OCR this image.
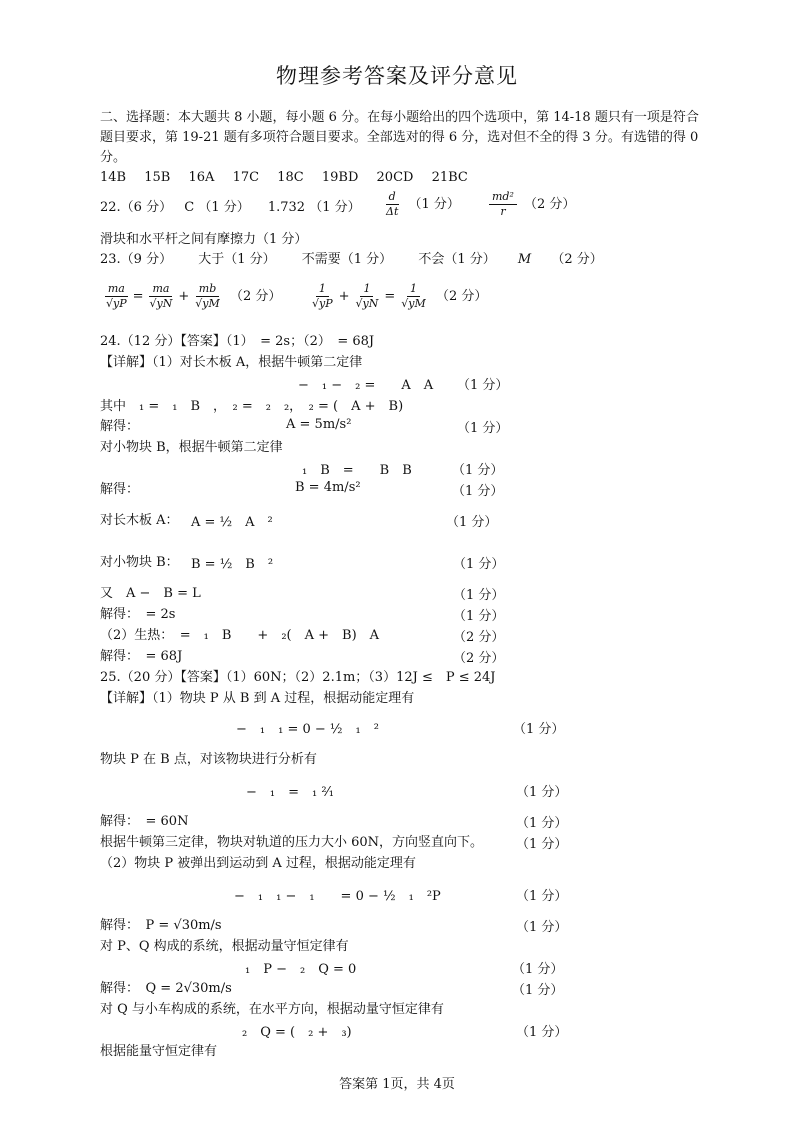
物理参考答案及评分意见
二、选择题：本大题共 8 小题，每小题 6 分。在每小题给出的四个选项中，第 14-18 题只有一项是符合题目要求，第 19-21 题有多项符合题目要求。全部选对的得 6 分，选对但不全的得 3 分。有选错的得 0 分。
14B 15B 16A 17C 18C 19BD 20CD 21BC
22.（6 分） C （1 分） 1.732 （1 分） $\frac{d}{\Delta t} (1$ 分）	$\frac{\text{md²}}{r} (2$ 分）
滑块和水平杆之间有摩擦力（1 分）
23.（9 分） 大于（1 分） 不需要（1 分） 不会（1 分） M （2 分）
$\frac{ma}{√yP} = \frac{ma}{√yN} + \frac{mb}{√yM} (2$ 分）	$\frac{1}{√yP} + \frac{1}{√yN} = \frac{1}{√yM} (2$ 分）
24.（12 分）【答案】（1）　= 2s；（2）　= 68J
【详解】（1）对长木板 A，根据牛顿第二定律
−　₁ −　₂ =　　A　A （1 分）
其中　₁ =　₁　B　，　₂ =　₂　₂，　₂ = (　A +　B)
解得：	A = 5m/s²	（1 分）
对小物块 B，根据牛顿第二定律
₁　B　=　　B　B	（1 分）
解得：	B = 4m/s²	（1 分）
对长木板 A： A = ½　A　²	（1 分）
对小物块 B： B = ½　B　²	（1 分）
又　A −　B = L	（1 分）
解得：　= 2s	（1 分）
（2）生热：　=　₁　B　　+　₂(　A +　B)　A	（2 分）
解得：　= 68J	（2 分）
25.（20 分）【答案】（1）60N；（2）2.1m；（3）12J ≤　P ≤ 24J
【详解】（1）物块 P 从 B 到 A 过程，根据动能定理有
−　₁　₁ = 0 − ½　₁　²	（1 分）
物块 P 在 B 点，对该物块进行分析有
−　₁　=　₁ ²⁄₁	（1 分）
解得：　= 60N	（1 分）
根据牛顿第三定律，物块对轨道的压力大小 60N，方向竖直向下。	（1 分）
（2）物块 P 被弹出到运动到 A 过程，根据动能定理有
−　₁　₁ −　₁　　= 0 − ½　₁　²P	（1 分）
解得：　P = √30m/s	（1 分）
对 P、Q 构成的系统，根据动量守恒定律有
₁　P −　₂　Q = 0	（1 分）
解得：　Q = 2√30m/s	（1 分）
对 Q 与小车构成的系统，在水平方向，根据动量守恒定律有
₂　Q = (　₂ +　₃)	（1 分）
根据能量守恒定律有
答案第 1页，共 4页
